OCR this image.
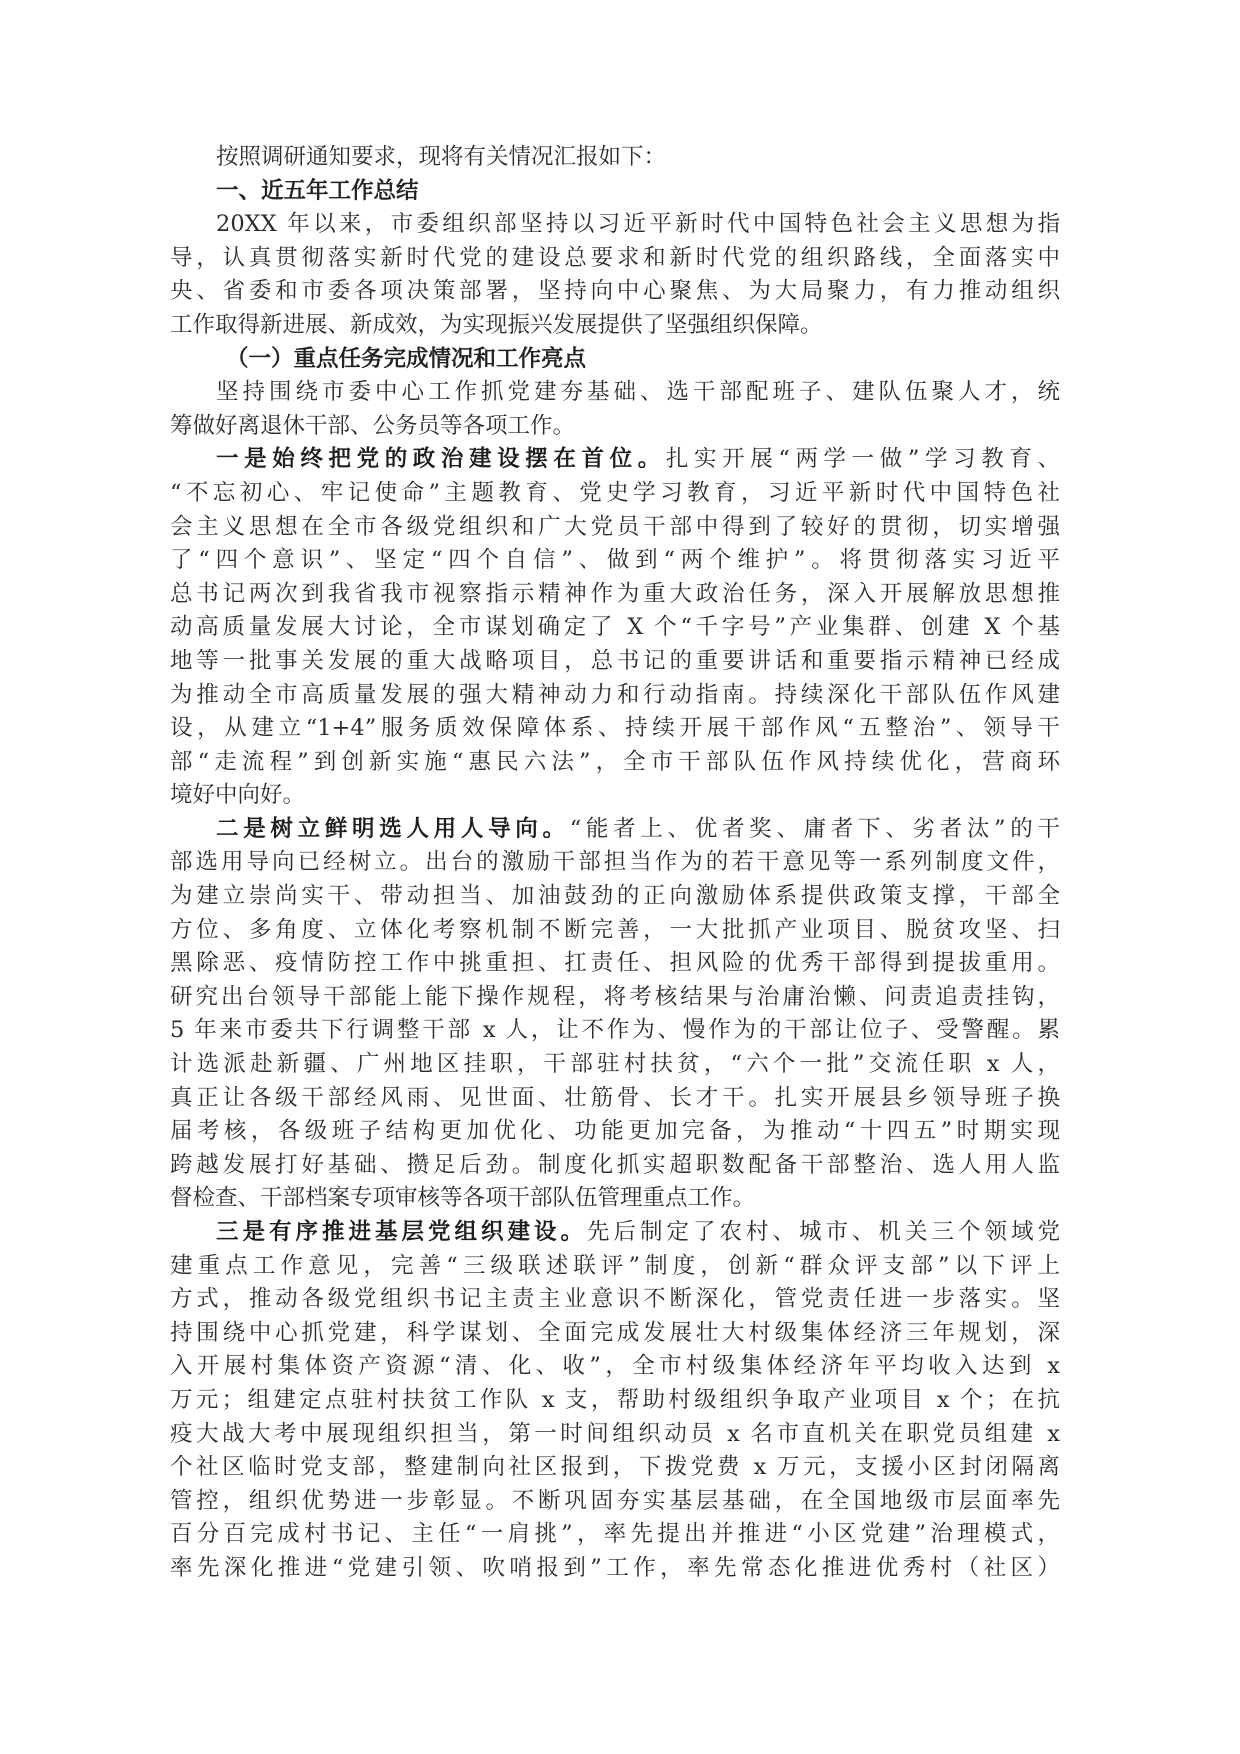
按照调研通知要求，现将有关情况汇报如下：
一、近五年工作总结
20XX 年以来，市委组织部坚持以习近平新时代中国特色社会主义思想为指
导，认真贯彻落实新时代党的建设总要求和新时代党的组织路线，全面落实中
央、省委和市委各项决策部署，坚持向中心聚焦、为大局聚力，有力推动组织
工作取得新进展、新成效，为实现振兴发展提供了坚强组织保障。
（一）重点任务完成情况和工作亮点
坚持围绕市委中心工作抓党建夯基础、选干部配班子、建队伍聚人才，统
筹做好离退休干部、公务员等各项工作。
一是始终把党的政治建设摆在首位。扎实开展“两学一做”学习教育、
“不忘初心、牢记使命”主题教育、党史学习教育，习近平新时代中国特色社
会主义思想在全市各级党组织和广大党员干部中得到了较好的贯彻，切实增强
了“四个意识”、坚定“四个自信”、做到“两个维护”。将贯彻落实习近平
总书记两次到我省我市视察指示精神作为重大政治任务，深入开展解放思想推
动高质量发展大讨论，全市谋划确定了 X 个“千字号”产业集群、创建 X 个基
地等一批事关发展的重大战略项目，总书记的重要讲话和重要指示精神已经成
为推动全市高质量发展的强大精神动力和行动指南。持续深化干部队伍作风建
设，从建立“1+4”服务质效保障体系、持续开展干部作风“五整治”、领导干
部“走流程”到创新实施“惠民六法”，全市干部队伍作风持续优化，营商环
境好中向好。
二是树立鲜明选人用人导向。“能者上、优者奖、庸者下、劣者汰”的干
部选用导向已经树立。出台的激励干部担当作为的若干意见等一系列制度文件，
为建立崇尚实干、带动担当、加油鼓劲的正向激励体系提供政策支撑，干部全
方位、多角度、立体化考察机制不断完善，一大批抓产业项目、脱贫攻坚、扫
黑除恶、疫情防控工作中挑重担、扛责任、担风险的优秀干部得到提拔重用。
研究出台领导干部能上能下操作规程，将考核结果与治庸治懒、问责追责挂钩，
5 年来市委共下行调整干部 x 人，让不作为、慢作为的干部让位子、受警醒。累
计选派赴新疆、广州地区挂职，干部驻村扶贫，“六个一批”交流任职 x 人，
真正让各级干部经风雨、见世面、壮筋骨、长才干。扎实开展县乡领导班子换
届考核，各级班子结构更加优化、功能更加完备，为推动“十四五”时期实现
跨越发展打好基础、攒足后劲。制度化抓实超职数配备干部整治、选人用人监
督检查、干部档案专项审核等各项干部队伍管理重点工作。
三是有序推进基层党组织建设。先后制定了农村、城市、机关三个领域党
建重点工作意见，完善“三级联述联评”制度，创新“群众评支部”以下评上
方式，推动各级党组织书记主责主业意识不断深化，管党责任进一步落实。坚
持围绕中心抓党建，科学谋划、全面完成发展壮大村级集体经济三年规划，深
入开展村集体资产资源“清、化、收”，全市村级集体经济年平均收入达到 x
万元；组建定点驻村扶贫工作队 x 支，帮助村级组织争取产业项目 x 个；在抗
疫大战大考中展现组织担当，第一时间组织动员 x 名市直机关在职党员组建 x
个社区临时党支部，整建制向社区报到，下拨党费 x 万元，支援小区封闭隔离
管控，组织优势进一步彰显。不断巩固夯实基层基础，在全国地级市层面率先
百分百完成村书记、主任“一肩挑”，率先提出并推进“小区党建”治理模式，
率先深化推进“党建引领、吹哨报到”工作，率先常态化推进优秀村（社区）
